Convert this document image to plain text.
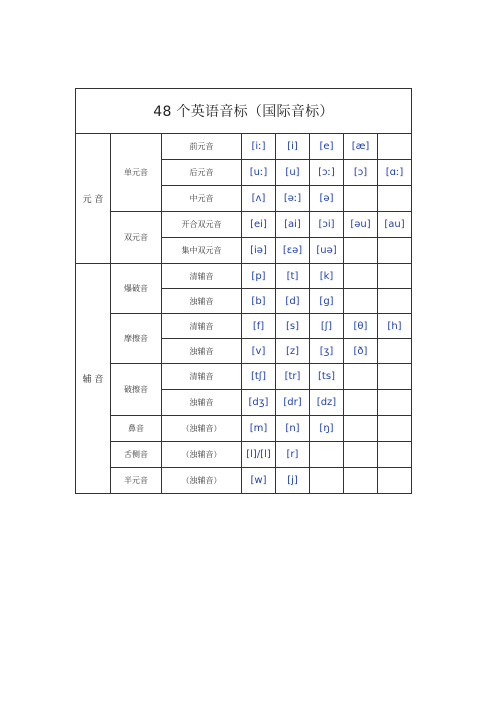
48 个英语音标（国际音标）							
元 音	单元音	前元音	[iː]	[i]	[e]	[æ]	
		后元音	[uː]	[u]	[ɔː]	[ɔ]	[ɑː]
		中元音	[ʌ]	[əː]	[ə]		
	双元音	开合双元音	[ei]	[ai]	[ɔi]	[əu]	[au]
		集中双元音	[iə]	[εə]	[uə]		
辅 音	爆破音	清辅音	[p]	[t]	[k]		
		浊辅音	[b]	[d]	[g]		
	摩擦音	清辅音	[f]	[s]	[ʃ]	[θ]	[h]
		浊辅音	[v]	[z]	[ʒ]	[ð]	
	破擦音	清辅音	[tʃ]	[tr]	[ts]		
		浊辅音	[dʒ]	[dr]	[dz]		
	鼻音	（浊辅音）	[m]	[n]	[ŋ]		
	舌侧音	（浊辅音）	[l]/[l]	[r]			
	半元音	（浊辅音）	[w]	[j]			
